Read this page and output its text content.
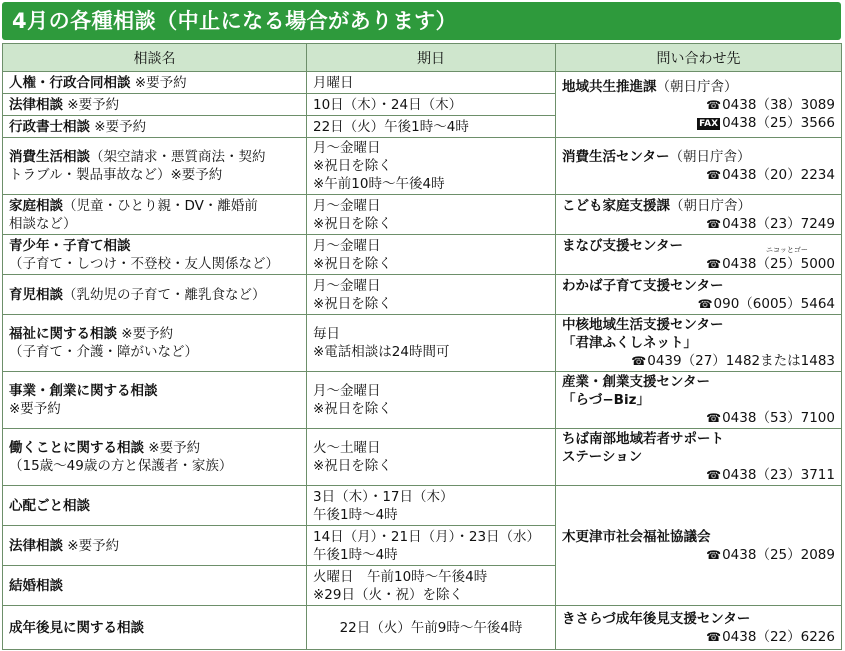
4月の各種相談（中止になる場合があります）
相談名	期日	問い合わせ先
人権・行政合同相談 ※要予約	月曜日	地域共生推進課（朝日庁舎）
☎0438（38）3089
FAX 0438（25）3566

法律相談 ※要予約	10日（木）・24日（木）	
行政書士相談 ※要予約	22日（火）午後1時～4時	

消費生活相談（架空請求・悪質商法・契約
トラブル・製品事故など）※要予約	月～金曜日
※祝日を除く
※午前10時～午後4時	消費生活センター（朝日庁舎）
☎0438（20）2234

家庭相談（児童・ひとり親・DV・離婚前
相談など）	月～金曜日
※祝日を除く	こども家庭支援課（朝日庁舎）
☎0438（23）7249

青少年・子育て相談
（子育て・しつけ・不登校・友人関係など）	月～金曜日
※祝日を除く	まなび支援センター
☎0438（
ニコッとゴー
25）5000

育児相談（乳幼児の子育て・離乳食など）	月～金曜日
※祝日を除く	わかば子育て支援センター
☎090（6005）5464

福祉に関する相談 ※要予約
（子育て・介護・障がいなど）	毎日
※電話相談は24時間可	中核地域生活支援センター
「君津ふくしネット」
☎0439（27）1482または1483

事業・創業に関する相談
※要予約	月～金曜日
※祝日を除く	産業・創業支援センター
「らづ−Biz」
☎0438（53）7100

働くことに関する相談 ※要予約
（15歳～49歳の方と保護者・家族）	火～土曜日
※祝日を除く	ちば南部地域若者サポート
ステーション
☎0438（23）3711

心配ごと相談	3日（木）・17日（木）
午後1時～4時	木更津市社会福祉協議会
☎0438（25）2089

法律相談 ※要予約	14日（月）・21日（月）・23日（水）
午後1時～4時	

結婚相談	火曜日　午前10時～午後4時
※29日（火・祝）を除く	

成年後見に関する相談	22日（火）午前9時～午後4時	きさらづ成年後見支援センター
☎0438（22）6226
